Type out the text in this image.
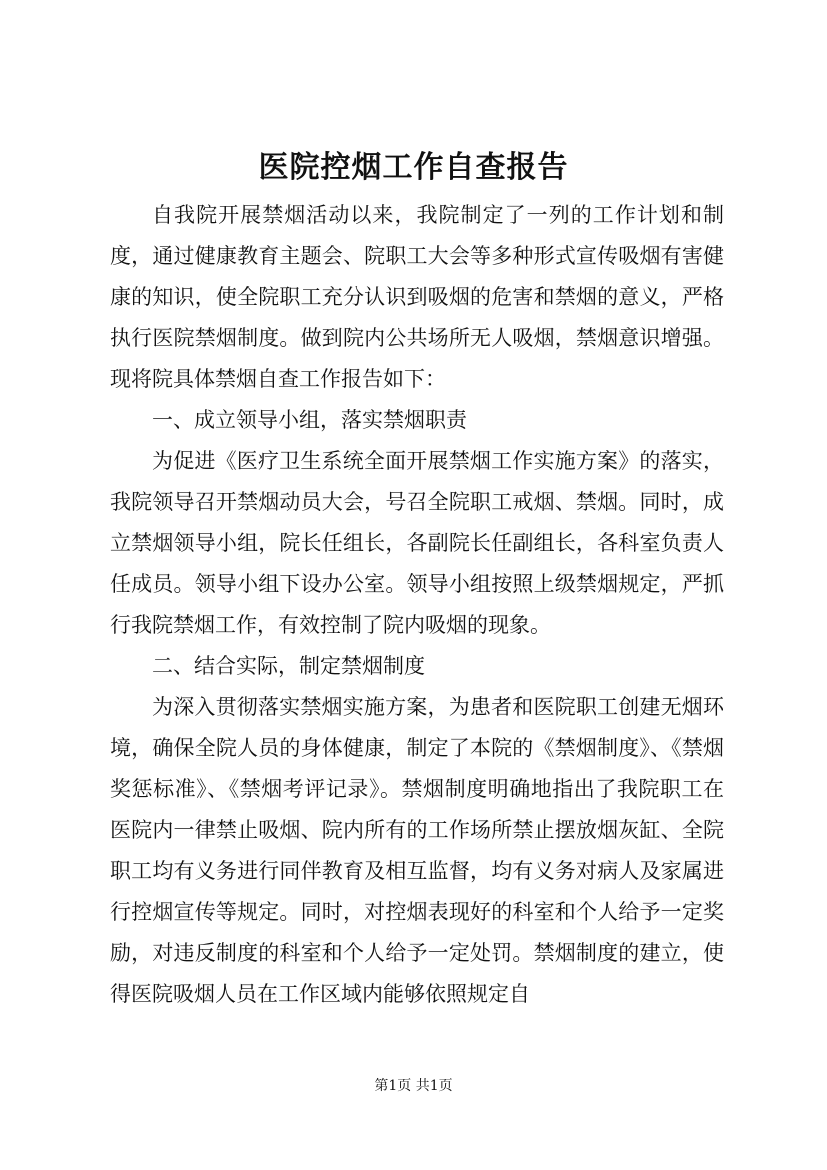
医院控烟工作自查报告

自我院开展禁烟活动以来，我院制定了一列的工作计划和制度，通过健康教育主题会、院职工大会等多种形式宣传吸烟有害健康的知识，使全院职工充分认识到吸烟的危害和禁烟的意义，严格执行医院禁烟制度。做到院内公共场所无人吸烟，禁烟意识增强。现将院具体禁烟自查工作报告如下：

一、成立领导小组，落实禁烟职责

为促进《医疗卫生系统全面开展禁烟工作实施方案》的落实，我院领导召开禁烟动员大会，号召全院职工戒烟、禁烟。同时，成立禁烟领导小组，院长任组长，各副院长任副组长，各科室负责人任成员。领导小组下设办公室。领导小组按照上级禁烟规定，严抓行我院禁烟工作，有效控制了院内吸烟的现象。

二、结合实际，制定禁烟制度

为深入贯彻落实禁烟实施方案，为患者和医院职工创建无烟环境，确保全院人员的身体健康，制定了本院的《禁烟制度》、《禁烟奖惩标准》、《禁烟考评记录》。禁烟制度明确地指出了我院职工在医院内一律禁止吸烟、院内所有的工作场所禁止摆放烟灰缸、全院职工均有义务进行同伴教育及相互监督，均有义务对病人及家属进行控烟宣传等规定。同时，对控烟表现好的科室和个人给予一定奖励，对违反制度的科室和个人给予一定处罚。禁烟制度的建立，使得医院吸烟人员在工作区域内能够依照规定自

第1页 共1页
